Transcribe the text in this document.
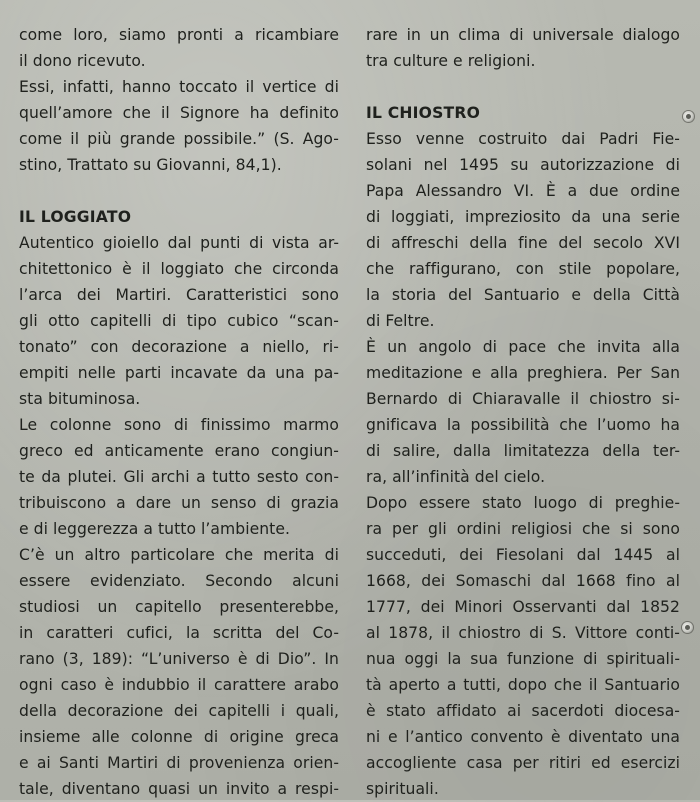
come loro, siamo pronti a ricambiare
il dono ricevuto.
Essi, infatti, hanno toccato il vertice di
quell’amore che il Signore ha definito
come il più grande possibile.” (S. Ago-
stino, Trattato su Giovanni, 84,1).
IL LOGGIATO
Autentico gioiello dal punti di vista ar-
chitettonico è il loggiato che circonda
l’arca dei Martiri. Caratteristici sono
gli otto capitelli di tipo cubico “scan-
tonato” con decorazione a niello, ri-
empiti nelle parti incavate da una pa-
sta bituminosa.
Le colonne sono di finissimo marmo
greco ed anticamente erano congiun-
te da plutei. Gli archi a tutto sesto con-
tribuiscono a dare un senso di grazia
e di leggerezza a tutto l’ambiente.
C’è un altro particolare che merita di
essere evidenziato. Secondo alcuni
studiosi un capitello presenterebbe,
in caratteri cufici, la scritta del Co-
rano (3, 189): “L’universo è di Dio”. In
ogni caso è indubbio il carattere arabo
della decorazione dei capitelli i quali,
insieme alle colonne di origine greca
e ai Santi Martiri di provenienza orien-
tale, diventano quasi un invito a respi-
rare in un clima di universale dialogo
tra culture e religioni.
IL CHIOSTRO
Esso venne costruito dai Padri Fie-
solani nel 1495 su autorizzazione di
Papa Alessandro VI. È a due ordine
di loggiati, impreziosito da una serie
di affreschi della fine del secolo XVI
che raffigurano, con stile popolare,
la storia del Santuario e della Città
di Feltre.
È un angolo di pace che invita alla
meditazione e alla preghiera. Per San
Bernardo di Chiaravalle il chiostro si-
gnificava la possibilità che l’uomo ha
di salire, dalla limitatezza della ter-
ra, all’infinità del cielo.
Dopo essere stato luogo di preghie-
ra per gli ordini religiosi che si sono
succeduti, dei Fiesolani dal 1445 al
1668, dei Somaschi dal 1668 fino al
1777, dei Minori Osservanti dal 1852
al 1878, il chiostro di S. Vittore conti-
nua oggi la sua funzione di spirituali-
tà aperto a tutti, dopo che il Santuario
è stato affidato ai sacerdoti diocesa-
ni e l’antico convento è diventato una
accogliente casa per ritiri ed esercizi
spirituali.
